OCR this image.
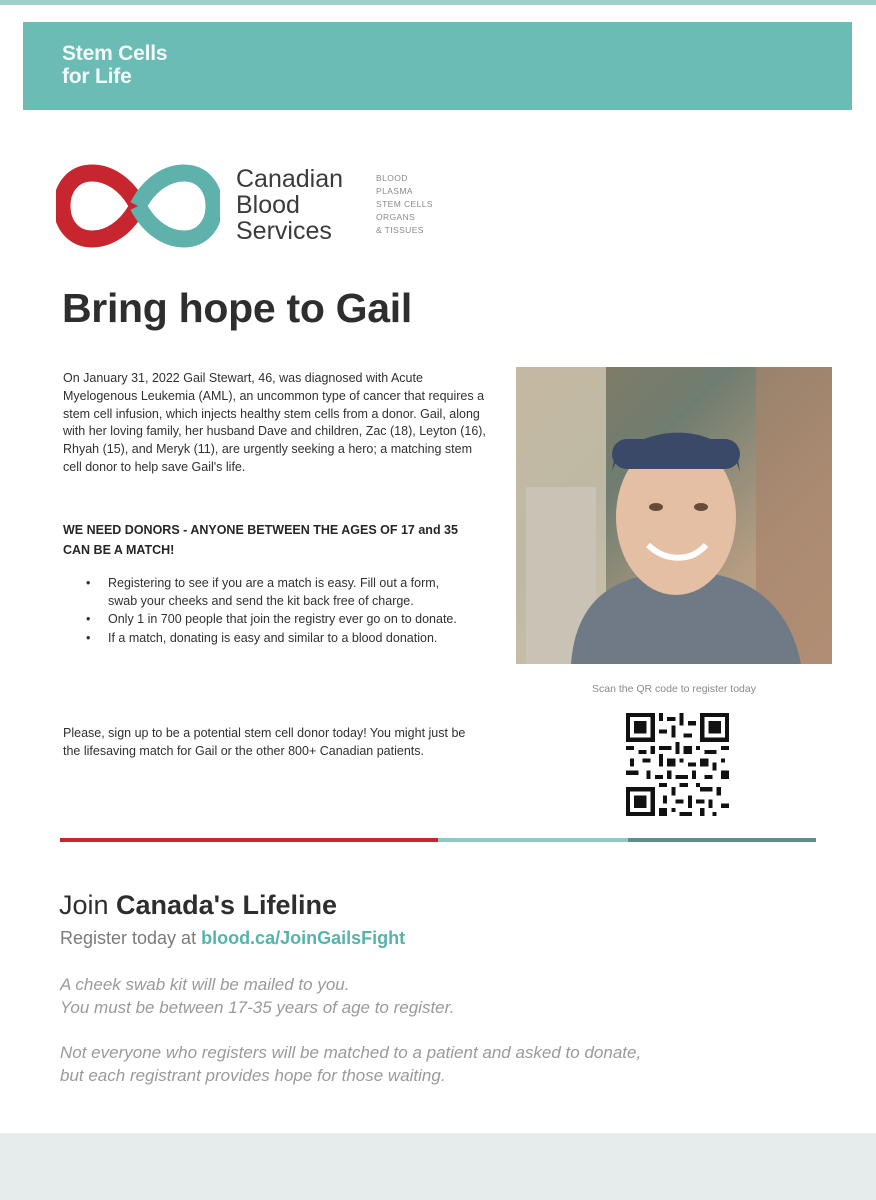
Stem Cells
for Life
Canadian
Blood
Services
BLOOD
PLASMA
STEM CELLS
ORGANS
& TISSUES
Bring hope to Gail
On January 31, 2022 Gail Stewart, 46, was diagnosed with Acute Myelogenous Leukemia (AML), an uncommon type of cancer that requires a stem cell infusion, which injects healthy stem cells from a donor. Gail, along with her loving family, her husband Dave and children, Zac (18), Leyton (16), Rhyah (15), and Meryk (11), are urgently seeking a hero; a matching stem cell donor to help save Gail's life.
WE NEED DONORS - ANYONE BETWEEN THE AGES OF 17 and 35 CAN BE A MATCH!
• Registering to see if you are a match is easy. Fill out a form, swab your cheeks and send the kit back free of charge.
• Only 1 in 700 people that join the registry ever go on to donate.
• If a match, donating is easy and similar to a blood donation.
Please, sign up to be a potential stem cell donor today! You might just be the lifesaving match for Gail or the other 800+ Canadian patients.
Scan the QR code to register today
Join Canada's Lifeline
Register today at blood.ca/JoinGailsFight
A cheek swab kit will be mailed to you.
You must be between 17-35 years of age to register.
Not everyone who registers will be matched to a patient and asked to donate,
but each registrant provides hope for those waiting.
